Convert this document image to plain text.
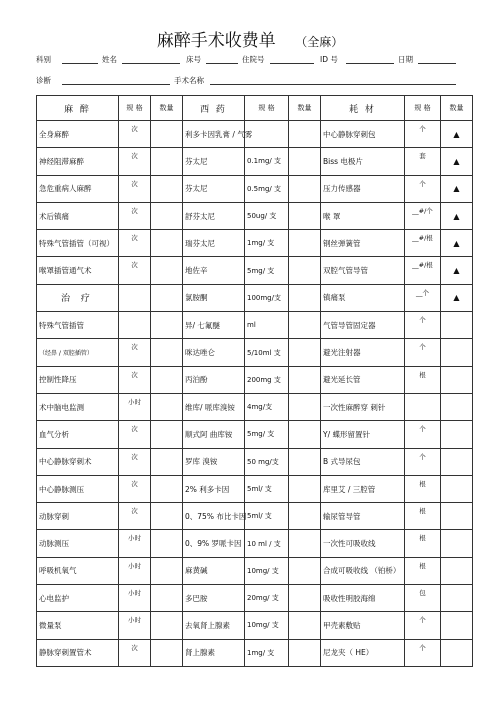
麻醉手术收费单 （全麻）
科别	姓名	床号	住院号	ID 号	日期
诊断	手术名称
麻 醉	规 格	数量	西 药	规 格	数量	耗 材	规 格	数量
全身麻醉	次		利多卡因乳膏 / 气雾			中心静脉穿刺包	个	▲
神经阻滞麻醉	次		芬太尼	0.1mg/ 支		Biss 电极片	套	▲
急危重病人麻醉	次		芬太尼	0.5mg/ 支		压力传感器	个	▲
术后镇痛	次		舒芬太尼	50ug/ 支		喉 罩	__#/个	▲
特殊气管插管（可视）	次		瑞芬太尼	1mg/ 支		钢丝弹簧管	__#/根	▲
喉罩插管通气术	次		地佐辛	5mg/ 支		双腔气管导管	__#/根	▲
治 疗			氯胺酮	100mg/支		镇痛泵	__个	▲
特殊气管插管			异/ 七氟醚	ml		气管导管固定器	个	
（经鼻 / 双腔插管）	次		咪达唑仑	5/10ml 支		避光注射器	个	
控制性降压	次		丙泊酚	200mg 支		避光延长管	根	
术中脑电监测	小时		维库/ 哌库溴铵	4mg/支		一次性麻醉穿 刺针		
血气分析	次		顺式阿 曲库铵	5mg/ 支		Y/ 蝶形留置针	个	
中心静脉穿刺术	次		罗库 溴铵	50 mg/支		B 式导尿包	个	
中心静脉测压	次		2% 利多卡因	5ml/ 支		库里艾 / 三腔管	根	
动脉穿刺	次		0、75% 布比卡因	5ml/ 支		输尿管导管	根	
动脉测压	小时		0、9% 罗哌卡因	10 ml / 支		一次性可吸收线	根	
呼吸机氧气	小时		麻黄碱	10mg/ 支		合成可吸收线 （铂桥）	根	
心电监护	小时		多巴胺	20mg/ 支		吸收性明胶海绵	包	
微量泵	小时		去氧肾上腺素	10mg/ 支		甲壳素敷贴	个	
静脉穿刺置管术	次		肾上腺素	1mg/ 支		尼龙夹（ HE）	个	
